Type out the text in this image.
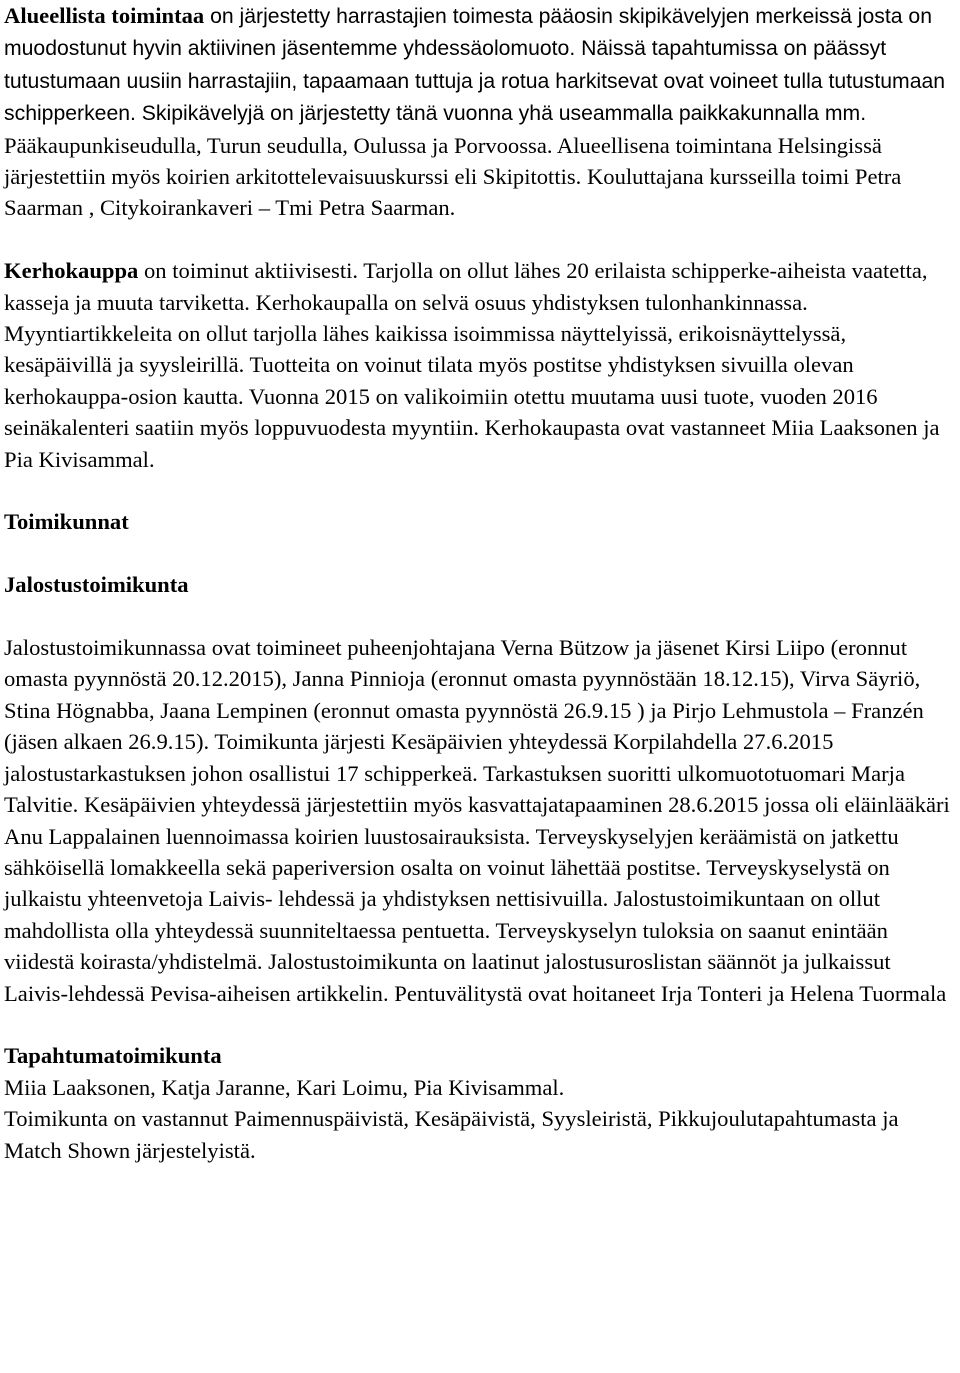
Alueellista toimintaa on järjestetty harrastajien toimesta pääosin skipikävelyjen merkeissä josta on muodostunut hyvin aktiivinen jäsentemme yhdessäolomuoto. Näissä tapahtumissa on päässyt tutustumaan uusiin harrastajiin, tapaamaan tuttuja ja rotua harkitsevat ovat voineet tulla tutustumaan schipperkeen. Skipikävelyjä on järjestetty tänä vuonna yhä useammalla paikkakunnalla mm. Pääkaupunkiseudulla, Turun seudulla, Oulussa ja Porvoossa. Alueellisena toimintana Helsingissä järjestettiin myös koirien arkitottelevaisuuskurssi eli Skipitottis. Kouluttajana kursseilla toimi Petra Saarman , Citykoirankaveri – Tmi Petra Saarman.

Kerhokauppa on toiminut aktiivisesti. Tarjolla on ollut lähes 20 erilaista schipperke-aiheista vaatetta, kasseja ja muuta tarviketta. Kerhokaupalla on selvä osuus yhdistyksen tulonhankinnassa. Myyntiartikkeleita on ollut tarjolla lähes kaikissa isoimmissa näyttelyissä, erikoisnäyttelyssä, kesäpäivillä ja syysleirillä. Tuotteita on voinut tilata myös postitse yhdistyksen sivuilla olevan kerhokauppa-osion kautta. Vuonna 2015 on valikoimiin otettu muutama uusi tuote, vuoden 2016 seinäkalenteri saatiin myös loppuvuodesta myyntiin. Kerhokaupasta ovat vastanneet Miia Laaksonen ja Pia Kivisammal.

Toimikunnat

Jalostustoimikunta

Jalostustoimikunnassa ovat toimineet puheenjohtajana Verna Bützow ja jäsenet Kirsi Liipo (eronnut omasta pyynnöstä 20.12.2015), Janna Pinnioja (eronnut omasta pyynnöstään 18.12.15), Virva Säyriö, Stina Högnabba, Jaana Lempinen (eronnut omasta pyynnöstä 26.9.15 ) ja Pirjo Lehmustola – Franzén (jäsen alkaen 26.9.15). Toimikunta järjesti Kesäpäivien yhteydessä Korpilahdella 27.6.2015 jalostustarkastuksen johon osallistui 17 schipperkeä. Tarkastuksen suoritti ulkomuototuomari Marja Talvitie. Kesäpäivien yhteydessä järjestettiin myös kasvattajatapaaminen 28.6.2015 jossa oli eläinlääkäri Anu Lappalainen luennoimassa koirien luustosairauksista. Terveyskyselyjen keräämistä on jatkettu sähköisellä lomakkeella sekä paperiversion osalta on voinut lähettää postitse. Terveyskyselystä on julkaistu yhteenvetoja Laivis- lehdessä ja yhdistyksen nettisivuilla. Jalostustoimikuntaan on ollut mahdollista olla yhteydessä suunniteltaessa pentuetta. Terveyskyselyn tuloksia on saanut enintään viidestä koirasta/yhdistelmä. Jalostustoimikunta on laatinut jalostusuroslistan säännöt ja julkaissut Laivis-lehdessä Pevisa-aiheisen artikkelin. Pentuvälitystä ovat hoitaneet Irja Tonteri ja Helena Tuormala

Tapahtumatoimikunta

Miia Laaksonen, Katja Jaranne, Kari Loimu, Pia Kivisammal.

Toimikunta on vastannut Paimennuspäivistä, Kesäpäivistä, Syysleiristä, Pikkujoulutapahtumasta ja Match Shown järjestelyistä.
